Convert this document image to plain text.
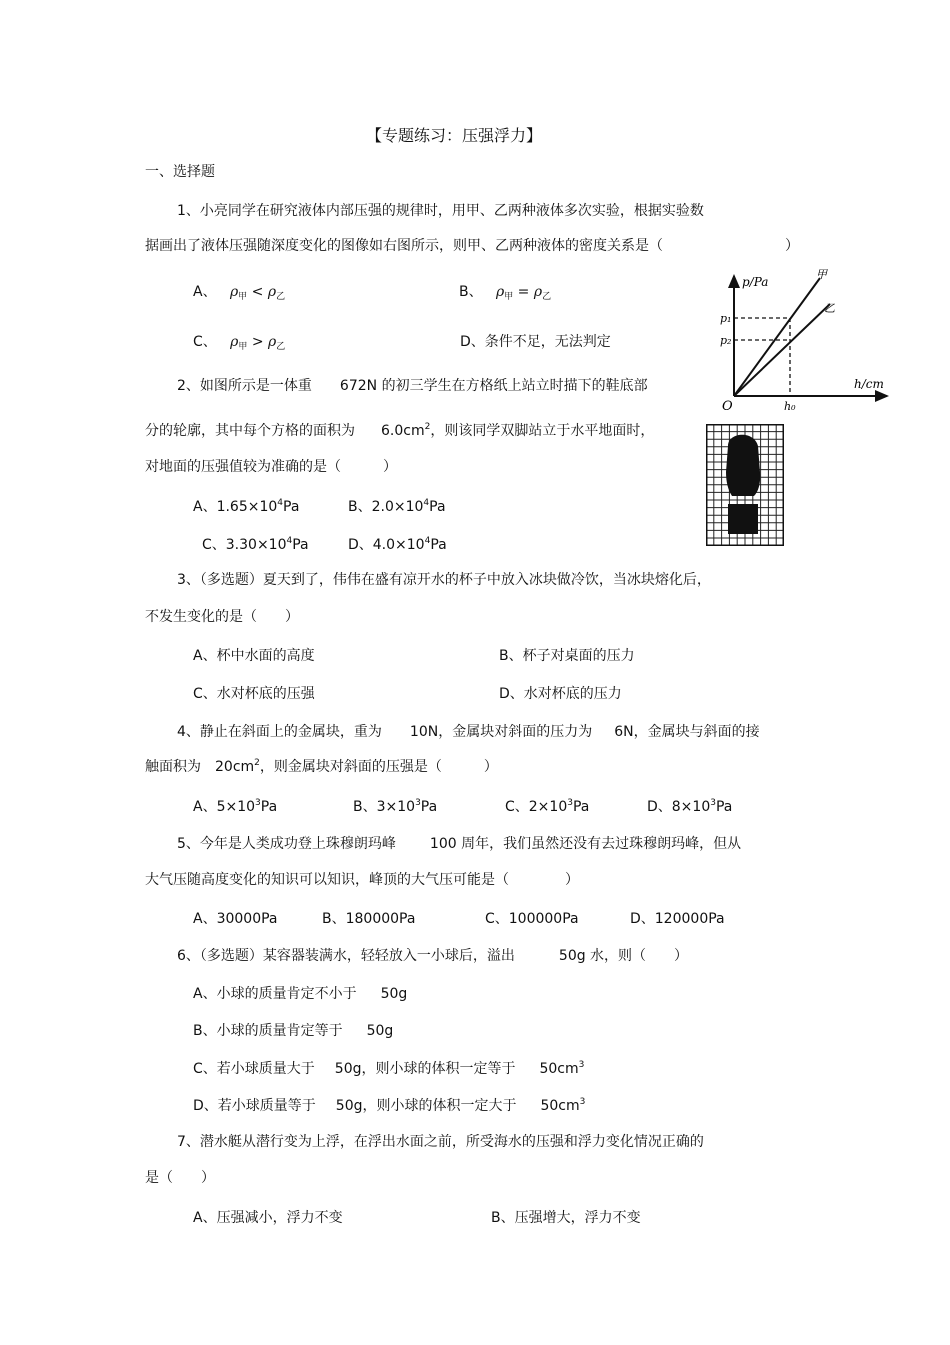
【专题练习：压强浮力】
一、选择题
1、小亮同学在研究液体内部压强的规律时，用甲、乙两种液体多次实验，根据实验数
据画出了液体压强随深度变化的图像如右图所示，则甲、乙两种液体的密度关系是（	）
A、 $\rho_甲 < \rho_乙$	B、 $\rho_甲 = \rho_乙$
C、 $\rho_甲 > \rho_乙$	D、条件不足，无法判定
p/Pa
h/cm
p₁
p₂
O	h₀
甲
乙
2、如图所示是一体重 672N 的初三学生在方格纸上站立时描下的鞋底部
分的轮廓，其中每个方格的面积为 $6.0cm^2$，则该同学双脚站立于水平地面时，
对地面的压强值较为准确的是（　　　）
A、$1.65\times 10^4Pa$	B、$2.0\times 10^4Pa$
C、$3.30\times 10^4Pa$	D、$4.0\times 10^4Pa$
3、（多选题）夏天到了，伟伟在盛有凉开水的杯子中放入冰块做冷饮，当冰块熔化后，
不发生变化的是（　　）
A、杯中水面的高度	B、杯子对桌面的压力
C、水对杯底的压强	D、水对杯底的压力
4、静止在斜面上的金属块，重为 10N，金属块对斜面的压力为 6N，金属块与斜面的接
触面积为 $20cm^2$，则金属块对斜面的压强是（　　　）
A、$5\times 10^3Pa$	B、$3\times 10^3Pa$	C、$2\times 10^3Pa$	D、$8\times 10^3Pa$
5、今年是人类成功登上珠穆朗玛峰 100 周年，我们虽然还没有去过珠穆朗玛峰，但从
大气压随高度变化的知识可以知识，峰顶的大气压可能是（　　　　）
A、30000Pa	B、180000Pa	C、100000Pa	D、120000Pa
6、（多选题）某容器装满水，轻轻放入一小球后，溢出	50g 水，则（　　）
A、小球的质量肯定不小于 50g
B、小球的质量肯定等于 50g
C、若小球质量大于 50g，则小球的体积一定等于 $50cm^3$
D、若小球质量等于 50g，则小球的体积一定大于 $50cm^3$
7、潜水艇从潜行变为上浮，在浮出水面之前，所受海水的压强和浮力变化情况正确的
是（　　）
A、压强减小，浮力不变	B、压强增大，浮力不变
